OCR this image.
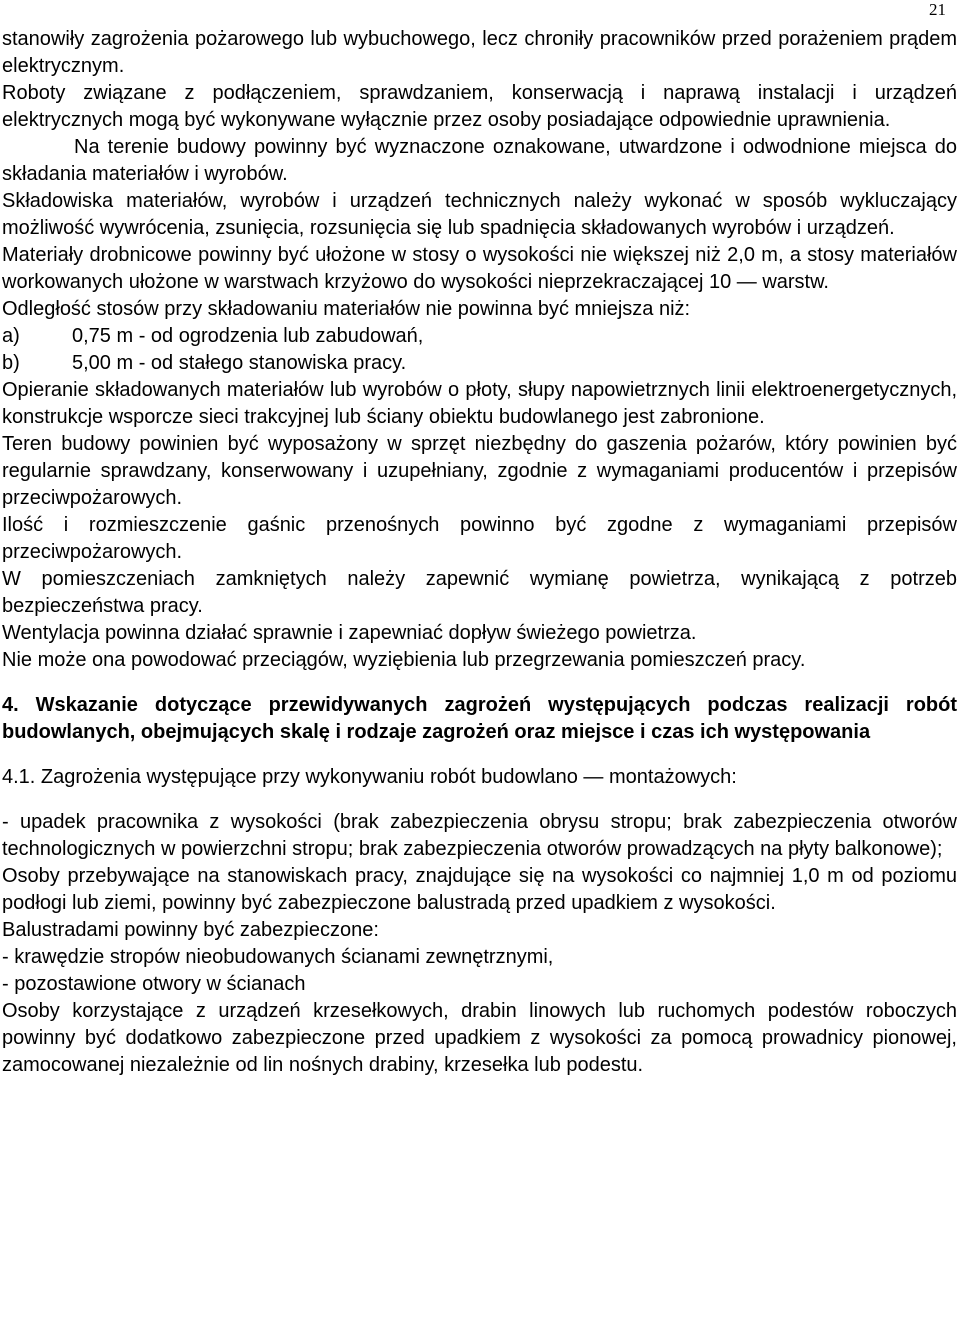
21

stanowiły zagrożenia pożarowego lub wybuchowego, lecz chroniły pracowników przed porażeniem prądem elektrycznym.

Roboty związane z podłączeniem, sprawdzaniem, konserwacją i naprawą instalacji i urządzeń elektrycznych mogą być wykonywane wyłącznie przez osoby posiadające odpowiednie uprawnienia.

Na terenie budowy powinny być wyznaczone oznakowane, utwardzone i odwodnione miejsca do składania materiałów i wyrobów.

Składowiska materiałów, wyrobów i urządzeń technicznych należy wykonać w sposób wykluczający możliwość wywrócenia, zsunięcia, rozsunięcia się lub spadnięcia składowanych wyrobów i urządzeń.

Materiały drobnicowe powinny być ułożone w stosy o wysokości nie większej niż 2,0 m, a stosy materiałów workowanych ułożone w warstwach krzyżowo do wysokości nieprzekraczającej 10 — warstw.

Odległość stosów przy składowaniu materiałów nie powinna być mniejsza niż:

a)	0,75 m - od ogrodzenia lub zabudowań,
b)	5,00 m - od stałego stanowiska pracy.

Opieranie składowanych materiałów lub wyrobów o płoty, słupy napowietrznych linii elektroenergetycznych, konstrukcje wsporcze sieci trakcyjnej lub ściany obiektu budowlanego jest zabronione.

Teren budowy powinien być wyposażony w sprzęt niezbędny do gaszenia pożarów, który powinien być regularnie sprawdzany, konserwowany i uzupełniany, zgodnie z wymaganiami producentów i przepisów przeciwpożarowych.

Ilość i rozmieszczenie gaśnic przenośnych powinno być zgodne z wymaganiami przepisów przeciwpożarowych.

W pomieszczeniach zamkniętych należy zapewnić wymianę powietrza, wynikającą z potrzeb bezpieczeństwa pracy.

Wentylacja powinna działać sprawnie i zapewniać dopływ świeżego powietrza.

Nie może ona powodować przeciągów, wyziębienia lub przegrzewania pomieszczeń pracy.

4. Wskazanie dotyczące przewidywanych zagrożeń występujących podczas realizacji robót budowlanych, obejmujących skalę i rodzaje zagrożeń oraz miejsce i czas ich występowania

4.1. Zagrożenia występujące przy wykonywaniu robót budowlano — montażowych:

- upadek pracownika z wysokości (brak zabezpieczenia obrysu stropu; brak zabezpieczenia otworów technologicznych w powierzchni stropu; brak zabezpieczenia otworów prowadzących na płyty balkonowe);

Osoby przebywające na stanowiskach pracy, znajdujące się na wysokości co najmniej 1,0 m od poziomu podłogi lub ziemi, powinny być zabezpieczone balustradą przed upadkiem z wysokości.

Balustradami powinny być zabezpieczone:

- krawędzie stropów nieobudowanych ścianami zewnętrznymi,

- pozostawione otwory w ścianach

Osoby korzystające z urządzeń krzesełkowych, drabin linowych lub ruchomych podestów roboczych powinny być dodatkowo zabezpieczone przed upadkiem z wysokości za pomocą prowadnicy pionowej, zamocowanej niezależnie od lin nośnych drabiny, krzesełka lub podestu.
